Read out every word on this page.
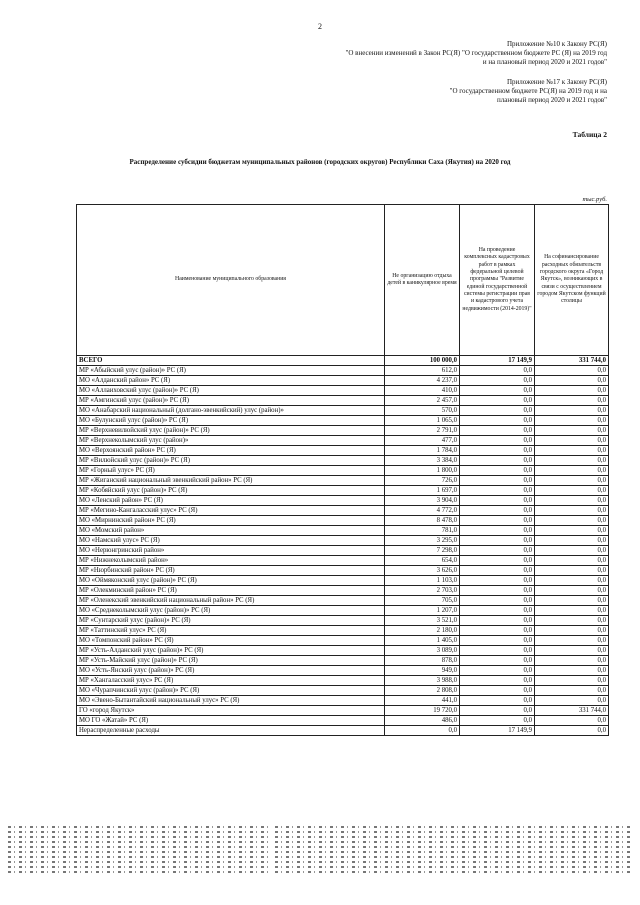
2
Приложение №10 к Закону РС(Я)
"О внесении изменений в Закон РС(Я) "О государственном бюджете РС (Я) на 2019 год
и на плановый период 2020 и 2021 годов"
Приложение №17 к Закону РС(Я)
"О государственном бюджете РС(Я) на 2019 год и на
плановый период 2020 и 2021 годов"
Таблица 2
Распределение субсидии бюджетам муниципальных районов (городских округов) Республики Саха (Якутия) на 2020 год
тыс.руб.
Наименование муниципального образования	Не организацию отдыха детей в каникулярное время	На проведение комплексных кадастровых работ в рамках федеральной целевой программы "Развитие единой государственной системы регистрации прав и кадастрового учета недвижимости (2014-2019)"	На софинансирование расходных обязательств городского округа «Город Якутск», возникающих в связи с осуществлением городом Якутском функций столицы
ВСЕГО	100 000,0	17 149,9	331 744,0
МР «Абыйский улус (район)» РС (Я)	612,0	0,0	0,0
МО «Алданский район» РС (Я)	4 237,0	0,0	0,0
МО «Аллаиховский улус (район)» РС (Я)	410,0	0,0	0,0
МР «Амгинский улус (район)» РС (Я)	2 457,0	0,0	0,0
МО «Анабарский национальный (долгано-эвенкийский) улус (район)»	570,0	0,0	0,0
МО «Булунский улус (район)» РС (Я)	1 065,0	0,0	0,0
МР «Верхневилюйский улус (район)» РС (Я)	2 791,0	0,0	0,0
МР «Верхнеколымский улус (район)»	477,0	0,0	0,0
МО «Верхоянский район» РС (Я)	1 784,0	0,0	0,0
МР «Вилюйский улус (район)» РС (Я)	3 384,0	0,0	0,0
МР «Горный улус» РС (Я)	1 800,0	0,0	0,0
МР «Жиганский национальный эвенкийский район» РС (Я)	726,0	0,0	0,0
МР «Кобяйский улус (район)» РС (Я)	1 697,0	0,0	0,0
МО «Ленский район» РС (Я)	3 904,0	0,0	0,0
МР «Мегино-Кангаласский улус» РС (Я)	4 772,0	0,0	0,0
МО «Мирнинский район» РС (Я)	8 478,0	0,0	0,0
МО «Момский район»	781,0	0,0	0,0
МО «Намский улус» РС (Я)	3 295,0	0,0	0,0
МО «Нерюнгринский район»	7 298,0	0,0	0,0
МР «Нижнеколымский район»	654,0	0,0	0,0
МР «Нюрбинский район» РС (Я)	3 626,0	0,0	0,0
МО «Оймяконский улус (район)» РС (Я)	1 103,0	0,0	0,0
МР «Олекминский район» РС (Я)	2 703,0	0,0	0,0
МР «Оленекский эвенкийский национальный район» РС (Я)	705,0	0,0	0,0
МО «Среднеколымский улус (район)» РС (Я)	1 207,0	0,0	0,0
МР «Сунтарский улус (район)» РС (Я)	3 521,0	0,0	0,0
МР «Таттинский улус» РС (Я)	2 180,0	0,0	0,0
МО «Томпонский район» РС (Я)	1 405,0	0,0	0,0
МР «Усть-Алданский улус (район)» РС (Я)	3 089,0	0,0	0,0
МР «Усть-Майский улус (район)» РС (Я)	878,0	0,0	0,0
МО «Усть-Янский улус (район)» РС (Я)	949,0	0,0	0,0
МР «Хангаласский улус» РС (Я)	3 988,0	0,0	0,0
МО «Чурапчинский улус (район)» РС (Я)	2 808,0	0,0	0,0
МО «Эвено-Бытантайский национальный улус» РС (Я)	441,0	0,0	0,0
ГО «город Якутск»	19 720,0	0,0	331 744,0
МО ГО «Жатай» РС (Я)	486,0	0,0	0,0
Нераспределенные расходы	0,0	17 149,9	0,0
